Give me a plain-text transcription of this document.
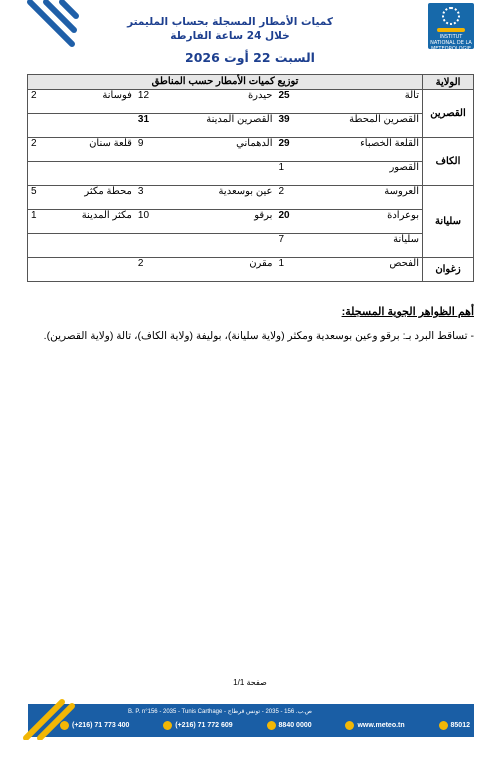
INSTITUT NATIONAL DE LA METEOROLOGIE
كميات الأمطار المسجلة بحساب المليمتر
خلال 24 ساعة الفارطة
السبت 22 أوت 2026
الولاية	توزيع كميات الأمطار حسب المناطق					
القصرين	تالة	25	حيدرة	12	فوسانة	2
	القصرين المحطة	39	القصرين المدينة	31		
الكاف	القلعة الخصباء	29	الدهماني	9	قلعة سنان	2
	القصور	1				
سليانة	العروسة	2	عين بوسعدية	3	محطة مكثر	5
	بوعرادة	20	برقو	10	مكثر المدينة	1
	سليانة	7				
زغوان	الفحص	1	مقرن	2		
أهم الظواهر الجوية المسجلة:
- تساقط البرد بـ: برقو وعين بوسعدية ومكثر (ولاية سليانة)، بوليفة (ولاية الكاف)، تالة (ولاية القصرين).
صفحة 1/1
B. P. n°156 - 2035 - Tunis Carthage - ص.ب. 156 - 2035 - تونس قرطاج
(+216) 71 773 400	(+216) 71 772 609	8840 0000	www.meteo.tn	85012
